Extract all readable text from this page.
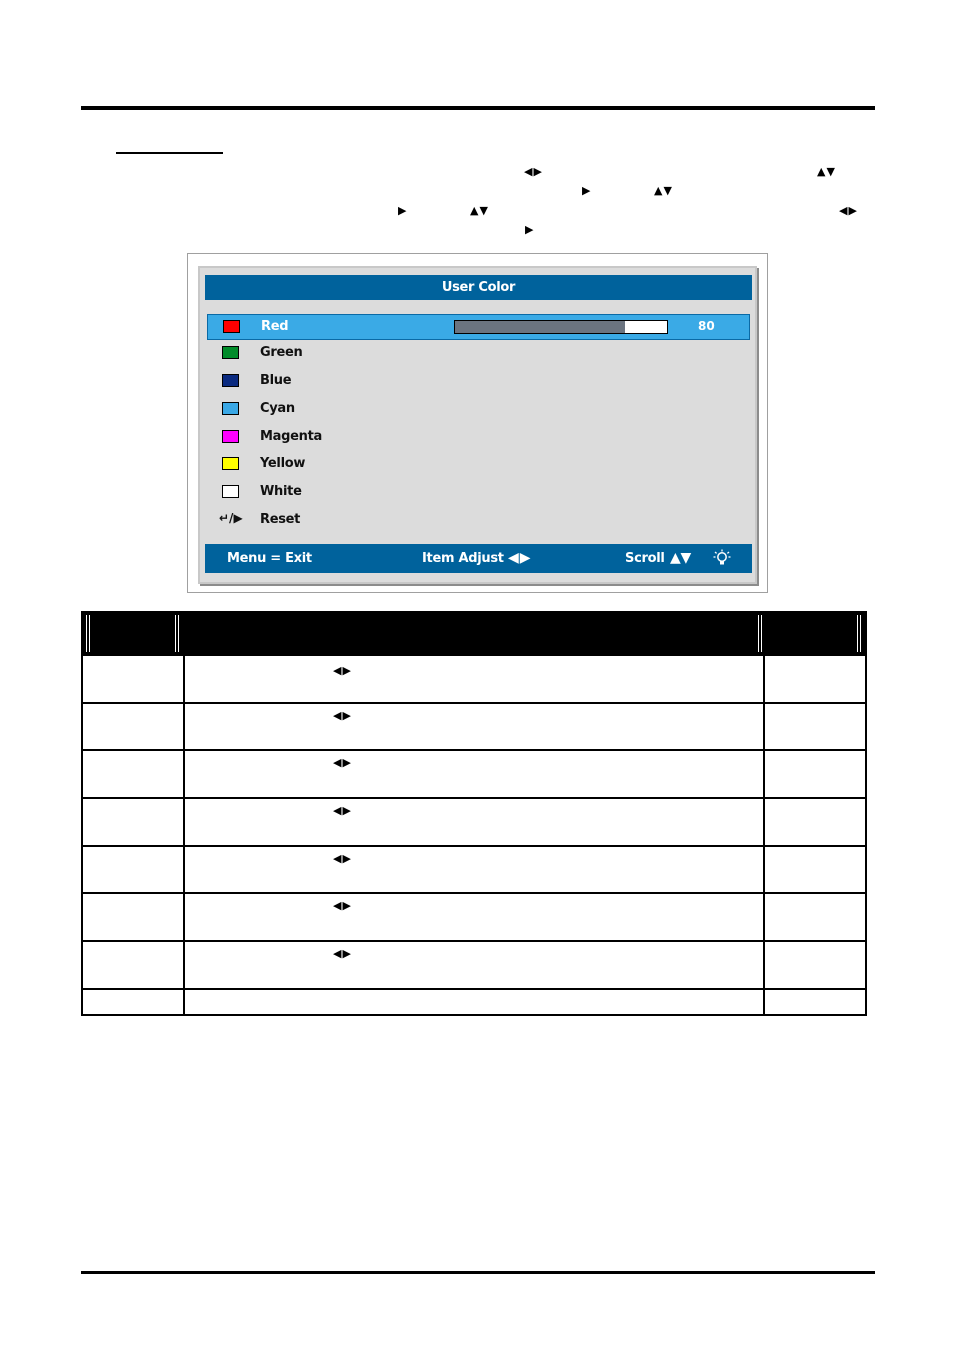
◀▶	▲▼
▶	▲▼
▶	▲▼	◀▶
▶
User Color
Red	80
Green
Blue
Cyan
Magenta
Yellow
White
↵/▶ Reset
Menu = Exit	Item Adjust ◀▶	Scroll ▲▼
◀▶
◀▶
◀▶
◀▶
◀▶
◀▶
◀▶
